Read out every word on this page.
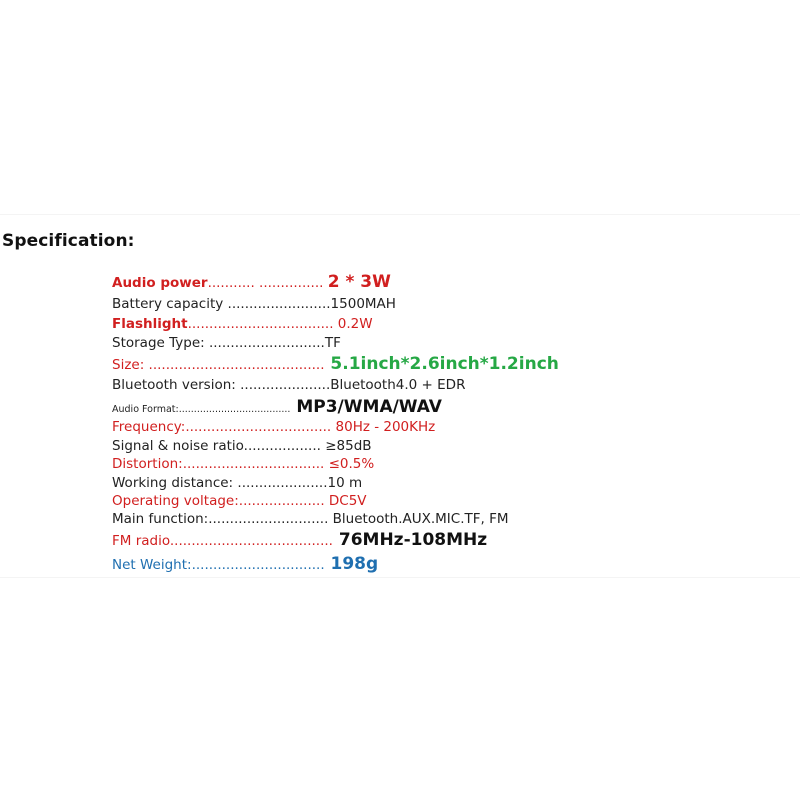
Specification:
Audio power........... ............... 2 * 3W
Battery capacity ........................1500MAH
Flashlight.................................. 0.2W
Storage Type: ...........................TF
Size: ......................................... 5.1inch*2.6inch*1.2inch
Bluetooth version: .....................Bluetooth4.0 + EDR
Audio Format:..................................... MP3/WMA/WAV
Frequency:.................................. 80Hz - 200KHz
Signal & noise ratio.................. ≥85dB
Distortion:................................. ≤0.5%
Working distance: .....................10 m
Operating voltage:.................... DC5V
Main function:............................ Bluetooth.AUX.MIC.TF, FM
FM radio...................................... 76MHz-108MHz
Net Weight:............................... 198g
